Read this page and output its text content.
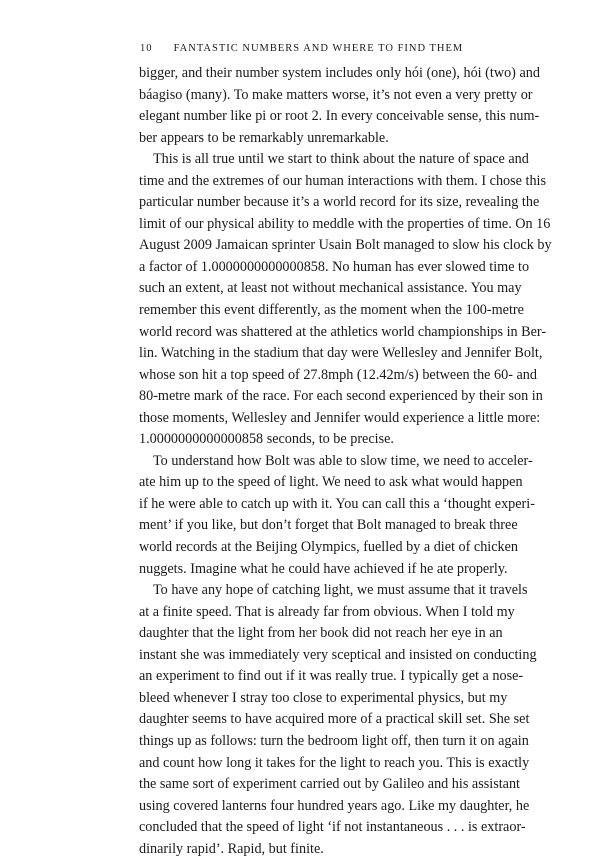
10 FANTASTIC NUMBERS AND WHERE TO FIND THEM
bigger, and their number system includes only hói (one), hói (two) and
báagiso (many). To make matters worse, it’s not even a very pretty or
elegant number like pi or root 2. In every conceivable sense, this num-
ber appears to be remarkably unremarkable.
This is all true until we start to think about the nature of space and
time and the extremes of our human interactions with them. I chose this
particular number because it’s a world record for its size, revealing the
limit of our physical ability to meddle with the properties of time. On 16
August 2009 Jamaican sprinter Usain Bolt managed to slow his clock by
a factor of 1.0000000000000858. No human has ever slowed time to
such an extent, at least not without mechanical assistance. You may
remember this event differently, as the moment when the 100-metre
world record was shattered at the athletics world championships in Ber-
lin. Watching in the stadium that day were Wellesley and Jennifer Bolt,
whose son hit a top speed of 27.8mph (12.42m/s) between the 60- and
80-metre mark of the race. For each second experienced by their son in
those moments, Wellesley and Jennifer would experience a little more:
1.0000000000000858 seconds, to be precise.
To understand how Bolt was able to slow time, we need to acceler-
ate him up to the speed of light. We need to ask what would happen
if he were able to catch up with it. You can call this a ‘thought experi-
ment’ if you like, but don’t forget that Bolt managed to break three
world records at the Beijing Olympics, fuelled by a diet of chicken
nuggets. Imagine what he could have achieved if he ate properly.
To have any hope of catching light, we must assume that it travels
at a finite speed. That is already far from obvious. When I told my
daughter that the light from her book did not reach her eye in an
instant she was immediately very sceptical and insisted on conducting
an experiment to find out if it was really true. I typically get a nose-
bleed whenever I stray too close to experimental physics, but my
daughter seems to have acquired more of a practical skill set. She set
things up as follows: turn the bedroom light off, then turn it on again
and count how long it takes for the light to reach you. This is exactly
the same sort of experiment carried out by Galileo and his assistant
using covered lanterns four hundred years ago. Like my daughter, he
concluded that the speed of light ‘if not instantaneous . . . is extraor-
dinarily rapid’. Rapid, but finite.
